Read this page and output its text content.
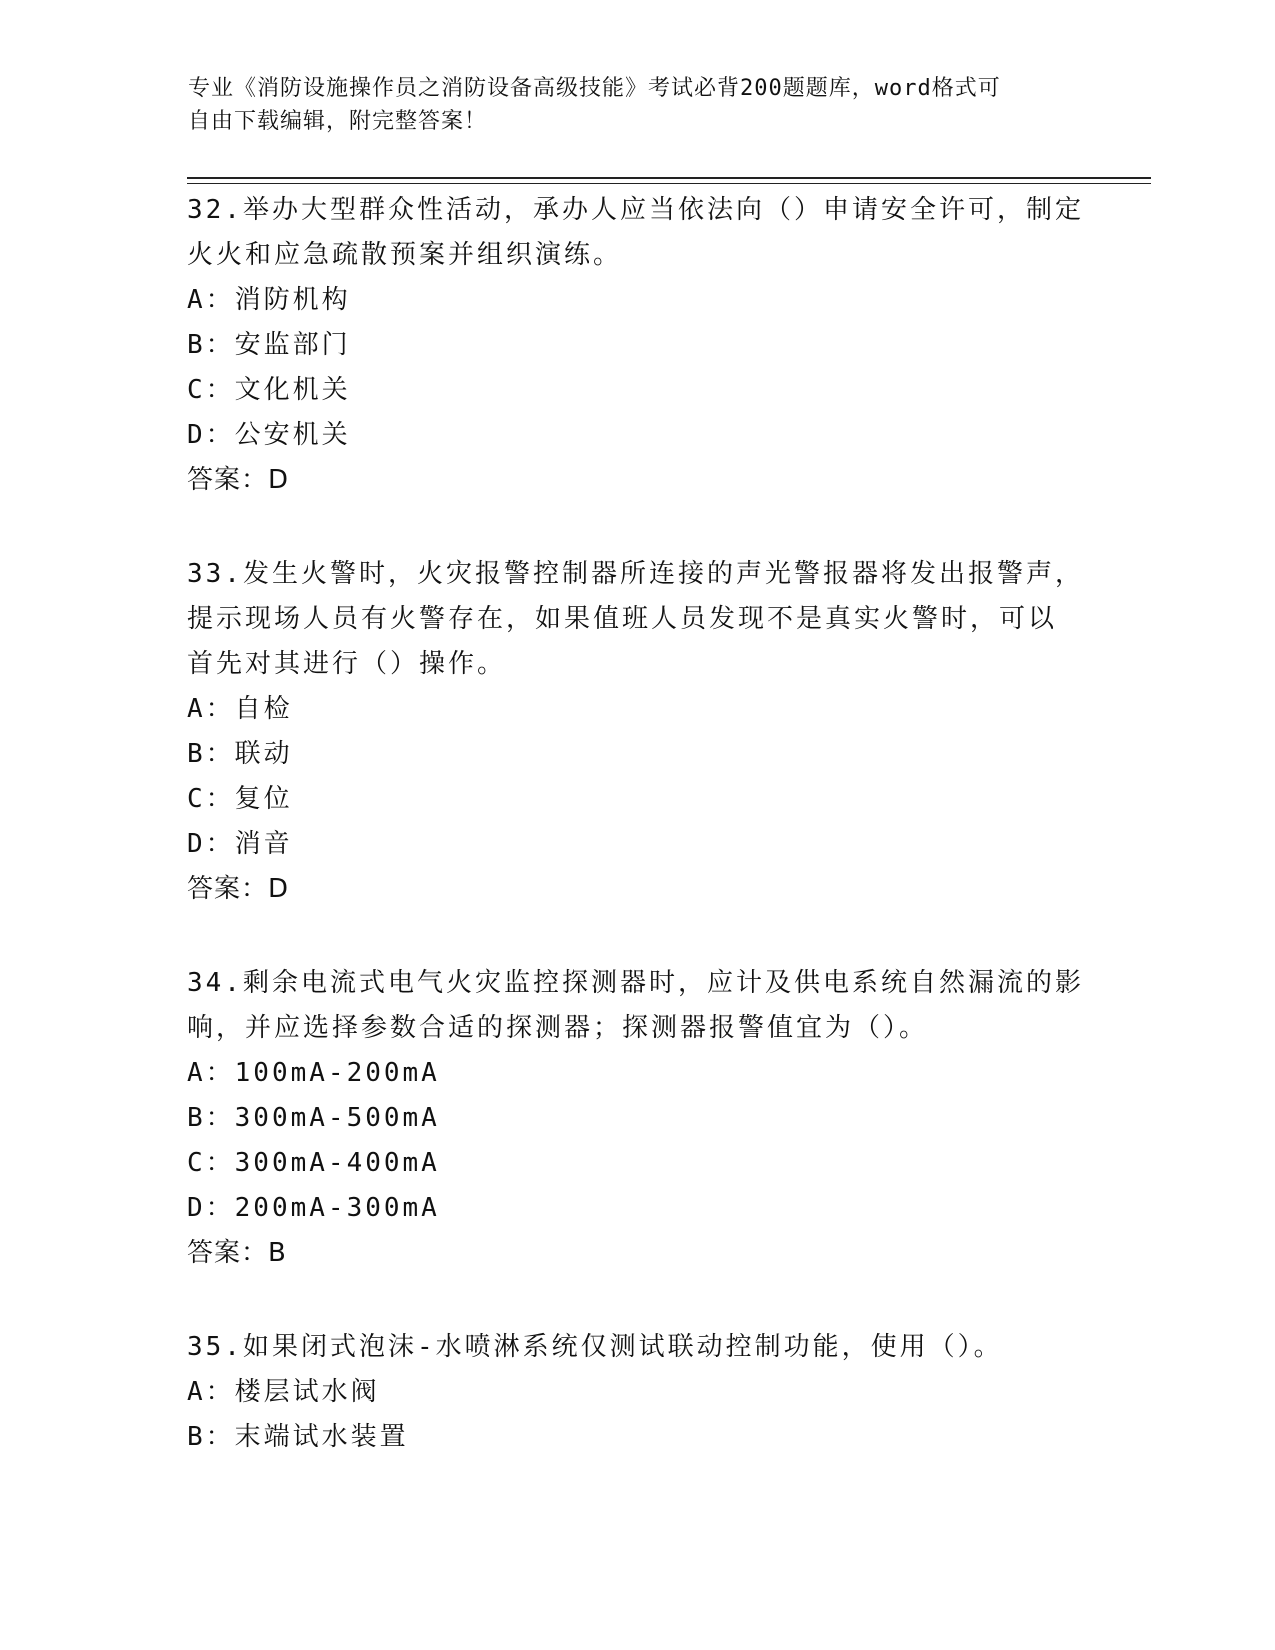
专业《消防设施操作员之消防设备高级技能》考试必背200题题库，word格式可
自由下载编辑，附完整答案！

32.举办大型群众性活动，承办人应当依法向（）申请安全许可，制定

火火和应急疏散预案并组织演练。

A：消防机构

B：安监部门

C：文化机关

D：公安机关

答案：D

33.发生火警时，火灾报警控制器所连接的声光警报器将发出报警声，

提示现场人员有火警存在，如果值班人员发现不是真实火警时，可以

首先对其进行（）操作。

A：自检

B：联动

C：复位

D：消音

答案：D

34.剩余电流式电气火灾监控探测器时，应计及供电系统自然漏流的影

响，并应选择参数合适的探测器；探测器报警值宜为（）。

A：100mA-200mA

B：300mA-500mA

C：300mA-400mA

D：200mA-300mA

答案：B

35.如果闭式泡沫-水喷淋系统仅测试联动控制功能，使用（）。

A：楼层试水阀

B：末端试水装置
